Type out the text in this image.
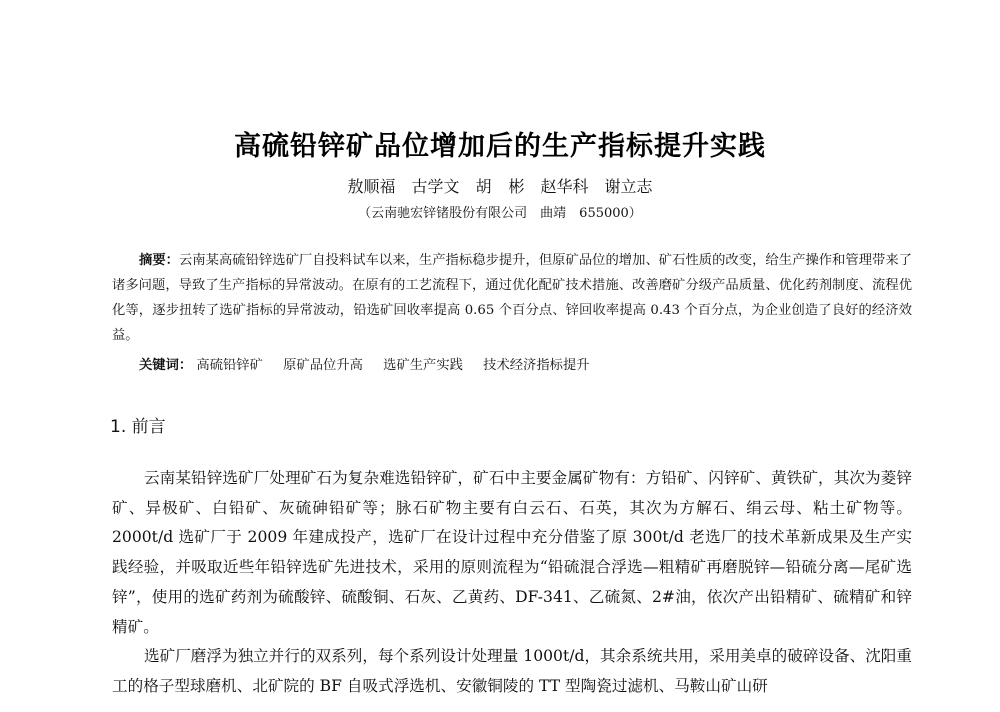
高硫铅锌矿品位增加后的生产指标提升实践
敖顺福　古学文　胡 彬　赵华科　谢立志
（云南驰宏锌锗股份有限公司　曲靖　655000）
摘要：云南某高硫铅锌选矿厂自投料试车以来，生产指标稳步提升，但原矿品位的增加、矿石性质的改变，给生产操作和管理带来了诸多问题，导致了生产指标的异常波动。在原有的工艺流程下，通过优化配矿技术措施、改善磨矿分级产品质量、优化药剂制度、流程优化等，逐步扭转了选矿指标的异常波动，铅选矿回收率提高 0.65 个百分点、锌回收率提高 0.43 个百分点，为企业创造了良好的经济效益。
关键词： 高硫铅锌矿 原矿品位升高 选矿生产实践 技术经济指标提升
1. 前言

云南某铅锌选矿厂处理矿石为复杂难选铅锌矿，矿石中主要金属矿物有：方铅矿、闪锌矿、黄铁矿，其次为菱锌矿、异极矿、白铅矿、灰硫砷铅矿等；脉石矿物主要有白云石、石英，其次为方解石、绢云母、粘土矿物等。2000t/d 选矿厂于 2009 年建成投产，选矿厂在设计过程中充分借鉴了原 300t/d 老选厂的技术革新成果及生产实践经验，并吸取近些年铅锌选矿先进技术，采用的原则流程为“铅硫混合浮选—粗精矿再磨脱锌—铅硫分离—尾矿选锌”，使用的选矿药剂为硫酸锌、硫酸铜、石灰、乙黄药、DF-341、乙硫氮、2#油，依次产出铅精矿、硫精矿和锌精矿。

选矿厂磨浮为独立并行的双系列，每个系列设计处理量 1000t/d，其余系统共用，采用美卓的破碎设备、沈阳重工的格子型球磨机、北矿院的 BF 自吸式浮选机、安徽铜陵的 TT 型陶瓷过滤机、马鞍山矿山研
